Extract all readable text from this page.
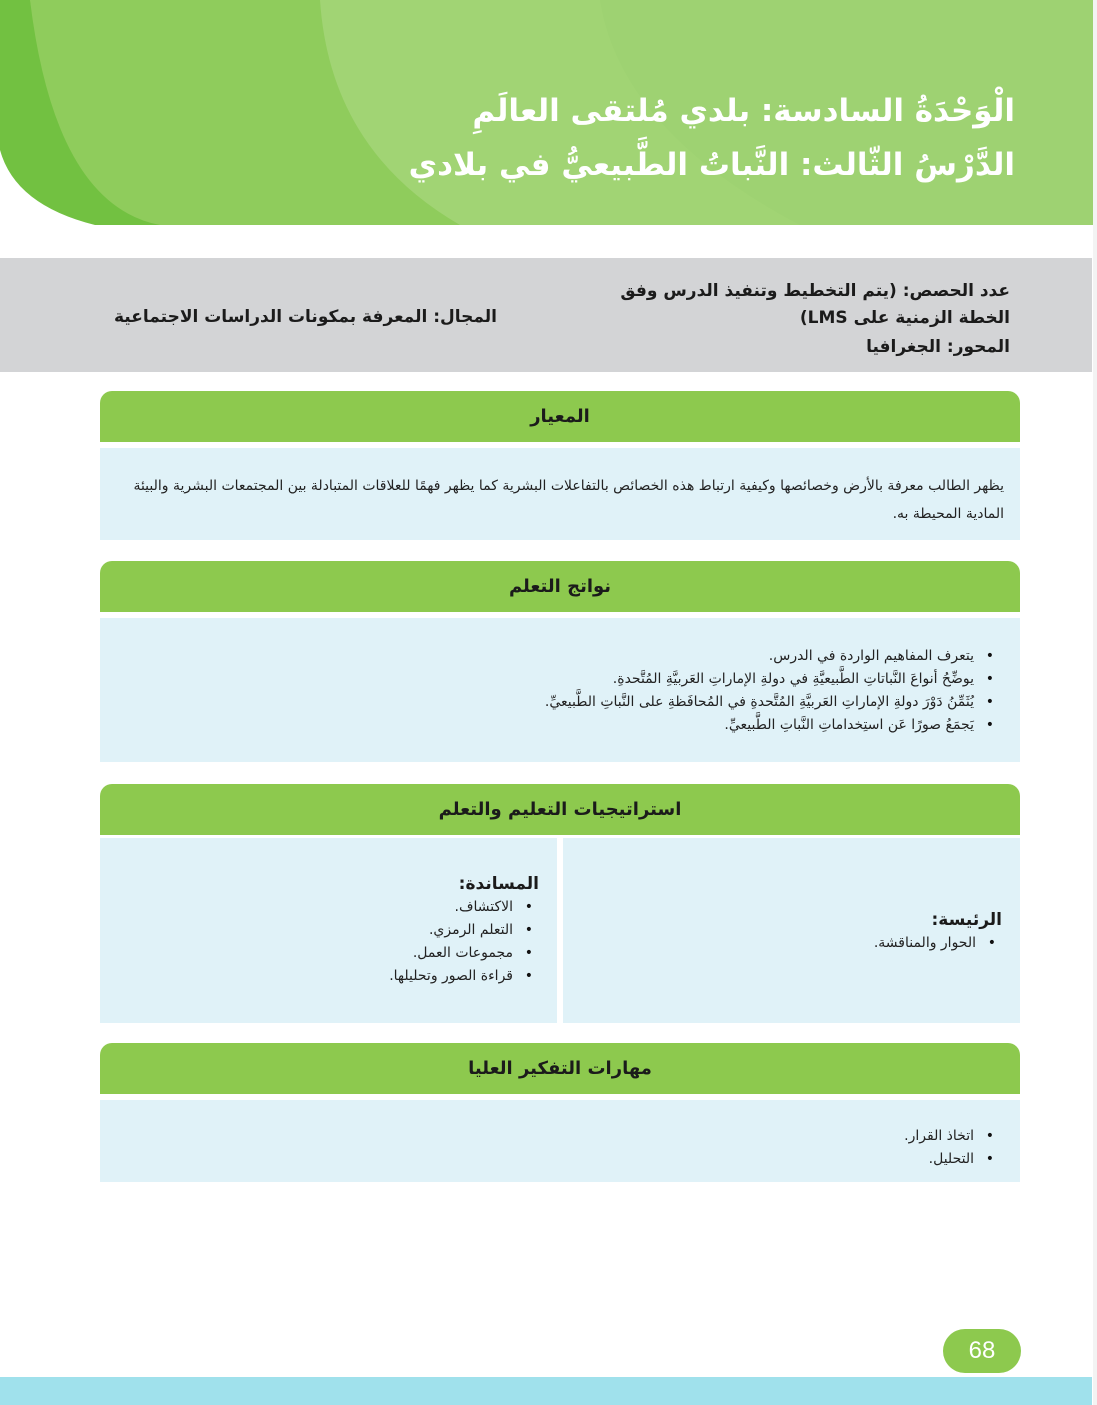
الْوَحْدَةُ السادسة: بلدي مُلتقى العالَمِ
الدَّرْسُ الثّالث: النَّباتُ الطَّبيعيُّ في بلادي
عدد الحصص: (يتم التخطيط وتنفيذ الدرس وفق الخطة الزمنية على LMS)
المحور: الجغرافيا
المجال: المعرفة بمكونات الدراسات الاجتماعية
المعيار

يظهر الطالب معرفة بالأرض وخصائصها وكيفية ارتباط هذه الخصائص بالتفاعلات البشرية كما يظهر فهمًا للعلاقات المتبادلة بين المجتمعات البشرية والبيئة المادية المحيطة به.

نواتج التعلم
• يتعرف المفاهيم الواردة في الدرس.
• يوضِّحُ أنواعَ النَّباتاتِ الطَّبيعيَّةِ في دولةِ الإماراتِ العَربيَّةِ المُتَّحدةِ.
• يُثَمِّنُ دَوْرَ دولةِ الإماراتِ العَربيَّةِ المُتَّحدةِ في المُحافَظةِ على النَّباتِ الطَّبيعيِّ.
• يَجمَعُ صورًا عَن استِخداماتِ النَّباتِ الطَّبيعيِّ.
استراتيجيات التعليم والتعلم
الرئيسة:
• الحوار والمناقشة.
المساندة:
• الاكتشاف.
• التعلم الرمزي.
• مجموعات العمل.
• قراءة الصور وتحليلها.
مهارات التفكير العليا
• اتخاذ القرار.
• التحليل.
68
